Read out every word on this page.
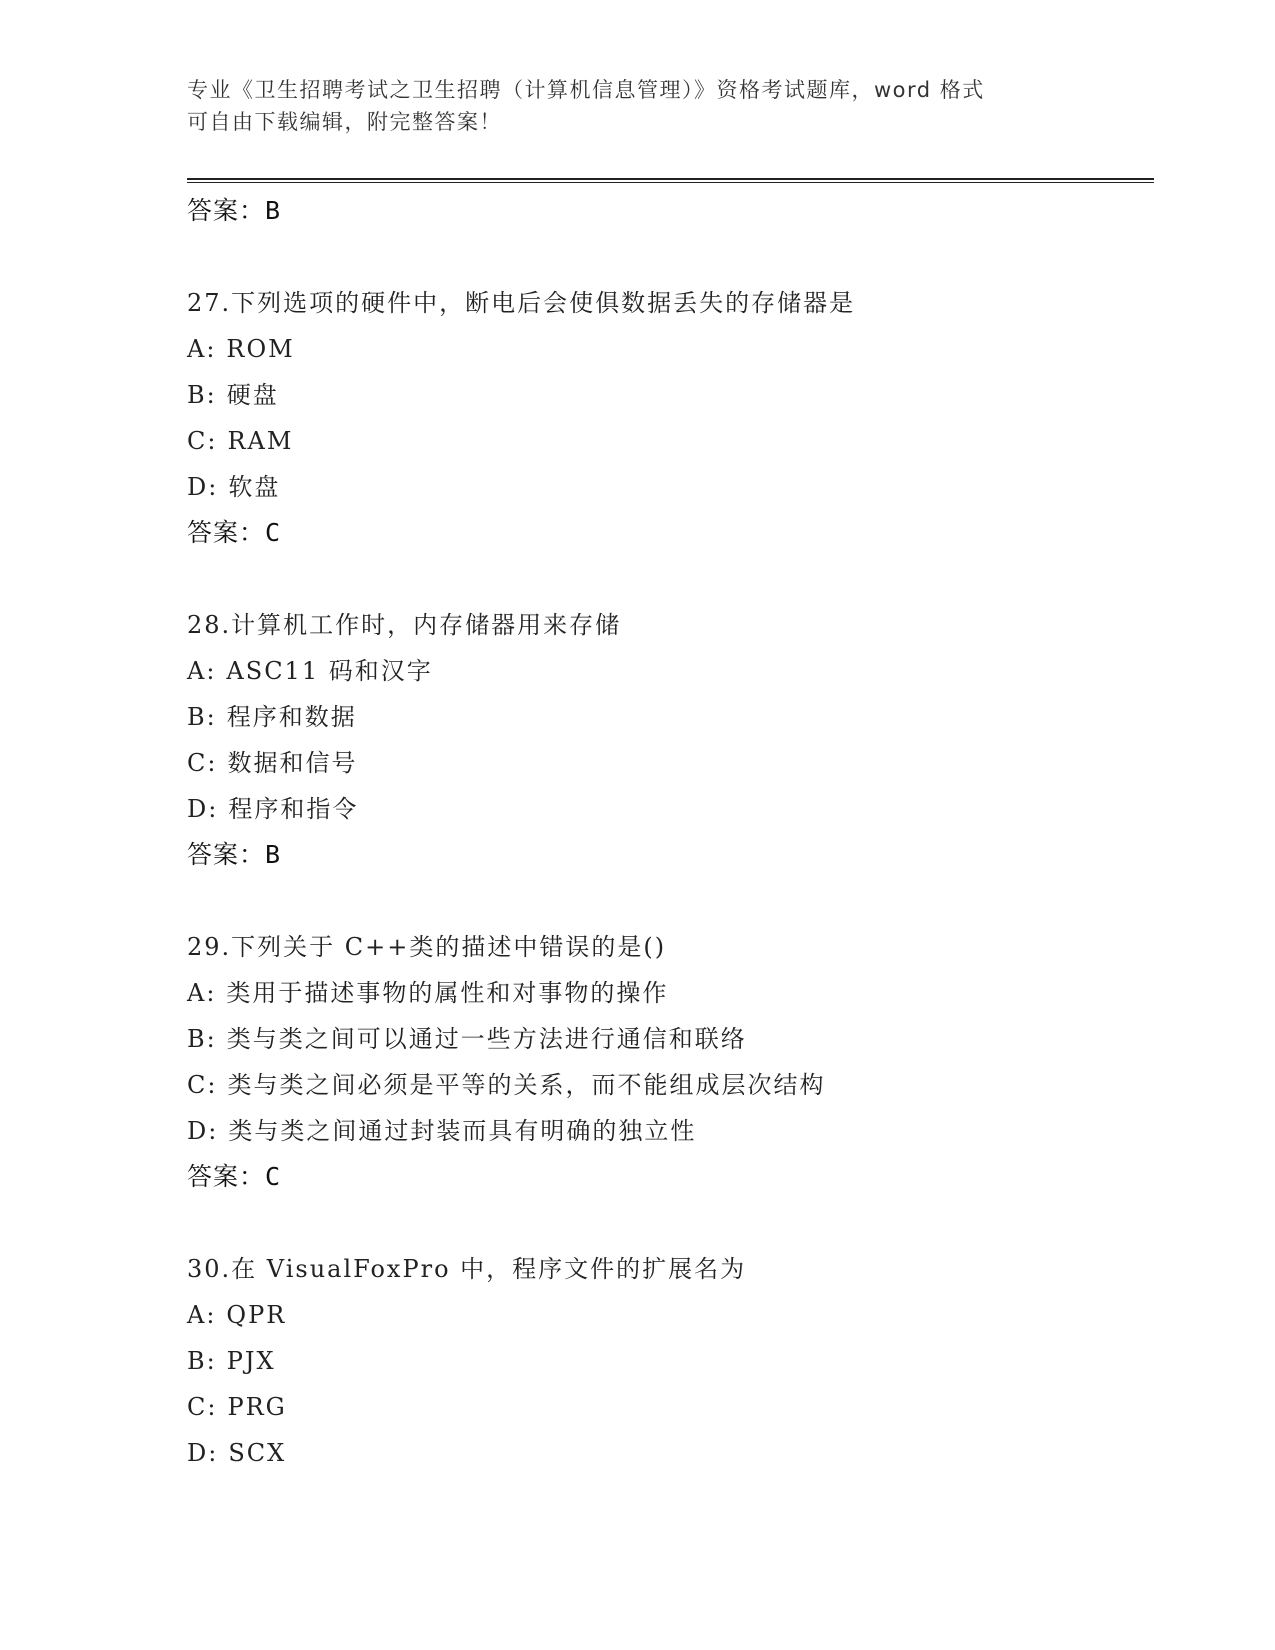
专业《卫生招聘考试之卫生招聘（计算机信息管理）》资格考试题库，word 格式
可自由下载编辑，附完整答案！
答案：B
27.下列选项的硬件中，断电后会使俱数据丢失的存储器是
A: ROM
B: 硬盘
C: RAM
D: 软盘
答案：C
28.计算机工作时，内存储器用来存储
A: ASC11 码和汉字
B: 程序和数据
C: 数据和信号
D: 程序和指令
答案：B
29.下列关于 C++类的描述中错误的是()
A: 类用于描述事物的属性和对事物的操作
B: 类与类之间可以通过一些方法进行通信和联络
C: 类与类之间必须是平等的关系，而不能组成层次结构
D: 类与类之间通过封装而具有明确的独立性
答案：C
30.在 VisualFoxPro 中，程序文件的扩展名为
A: QPR
B: PJX
C: PRG
D: SCX
